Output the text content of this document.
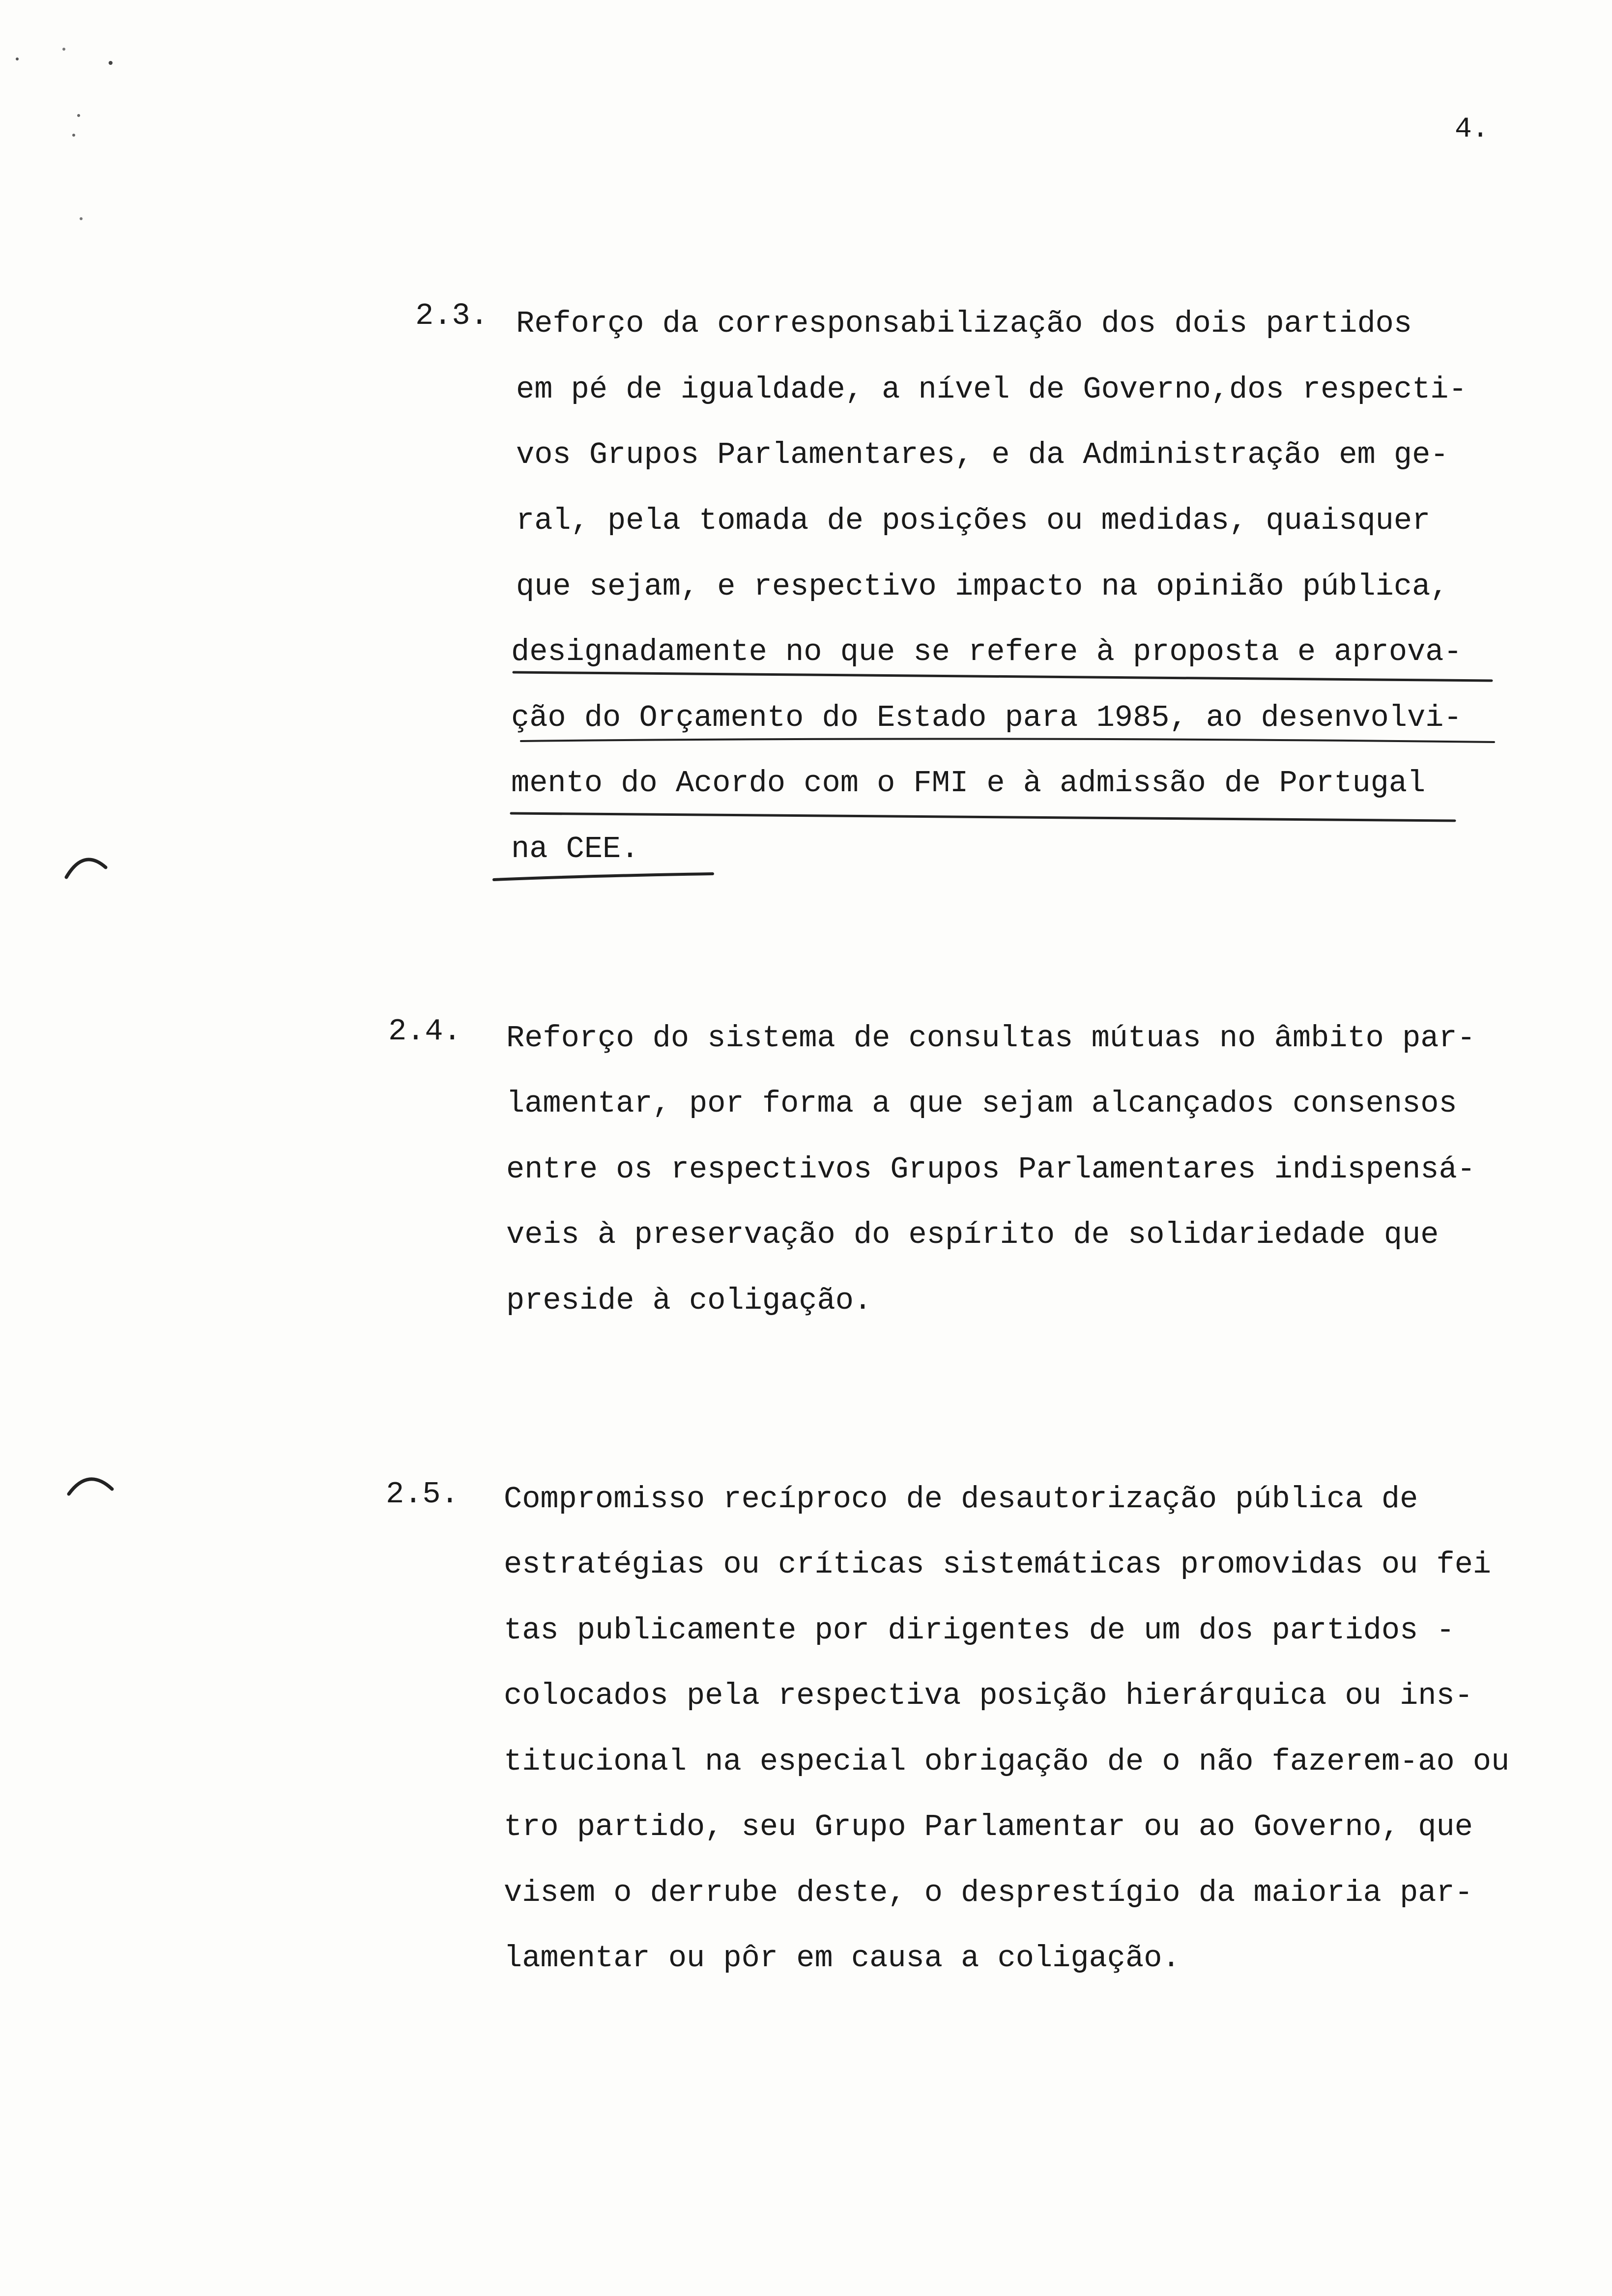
4.
2.3. Reforço da corresponsabilização dos dois partidos
em pé de igualdade, a nível de Governo,dos respecti-
vos Grupos Parlamentares, e da Administração em ge-
ral, pela tomada de posições ou medidas, quaisquer
que sejam, e respectivo impacto na opinião pública,
designadamente no que se refere à proposta e aprova-
ção do Orçamento do Estado para 1985, ao desenvolvi-
mento do Acordo com o FMI e à admissão de Portugal
na CEE.
2.4. Reforço do sistema de consultas mútuas no âmbito par-
lamentar, por forma a que sejam alcançados consensos
entre os respectivos Grupos Parlamentares indispensá-
veis à preservação do espírito de solidariedade que
preside à coligação.
2.5. Compromisso recíproco de desautorização pública de
estratégias ou críticas sistemáticas promovidas ou fei
tas publicamente por dirigentes de um dos partidos -
colocados pela respectiva posição hierárquica ou ins-
titucional na especial obrigação de o não fazerem-ao ou
tro partido, seu Grupo Parlamentar ou ao Governo, que
visem o derrube deste, o desprestígio da maioria par-
lamentar ou pôr em causa a coligação.
